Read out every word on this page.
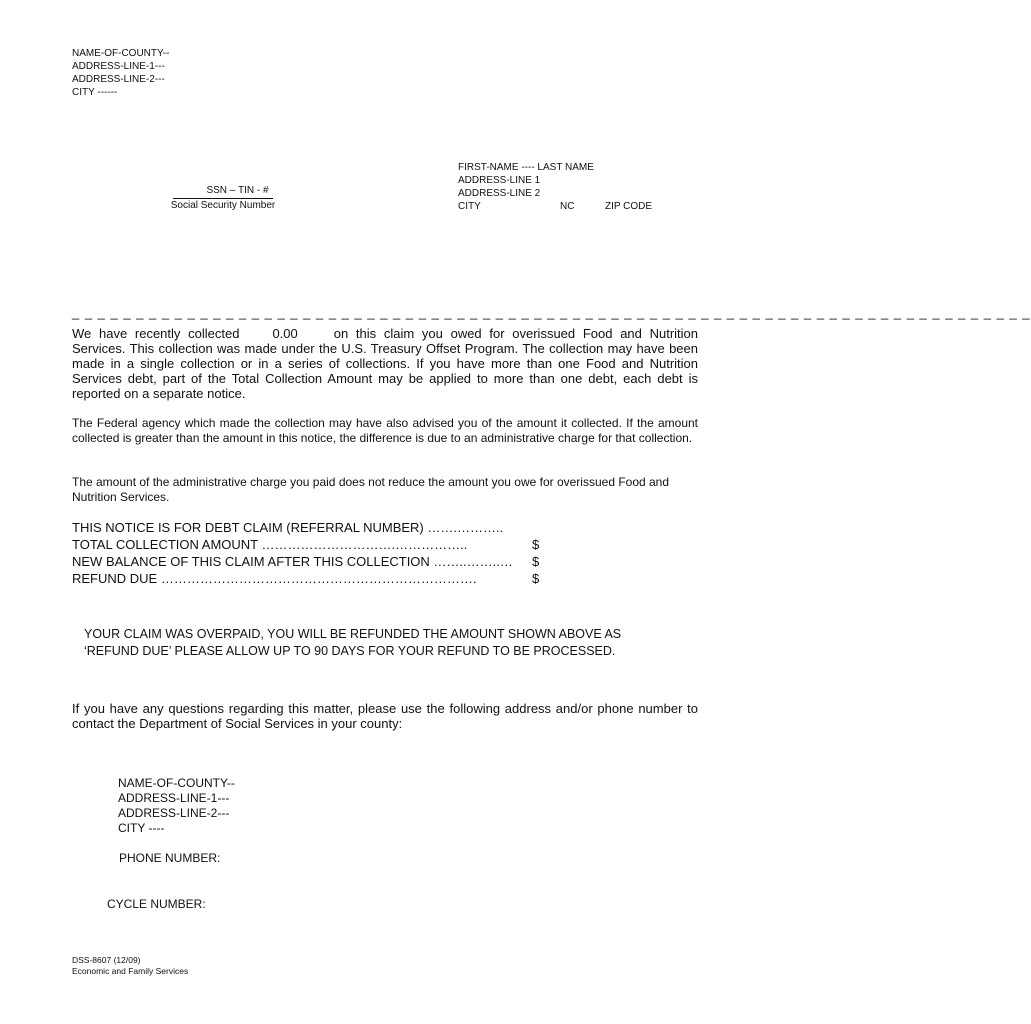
NAME-OF-COUNTY--
ADDRESS-LINE-1---
ADDRESS-LINE-2---
CITY ------
SSN – TIN - #
Social Security Number
FIRST-NAME ---- LAST NAME
ADDRESS-LINE 1
ADDRESS-LINE 2
CITY	NC	ZIP CODE
_ _ _ _ _ _ _ _ _ _ _ _ _ _ _ _ _ _ _ _ _ _ _ _ _ _ _ _ _ _ _ _ _ _ _ _ _ _ _ _ _ _ _ _ _ _ _ _ _ _ _ _ _ _ _ _ _ _ _ _ _ _ _ _ _ _ _ _ _ _ _ _ _ _ _
We have recently collected	0.00	on this claim you owed for overissued Food and Nutrition Services. This collection was made under the U.S. Treasury Offset Program. The collection may have been made in a single collection or in a series of collections. If you have more than one Food and Nutrition Services debt, part of the Total Collection Amount may be applied to more than one debt, each debt is reported on a separate notice.
The Federal agency which made the collection may have also advised you of the amount it collected. If the amount collected is greater than the amount in this notice, the difference is due to an administrative charge for that collection.
The amount of the administrative charge you paid does not reduce the amount you owe for overissued Food and Nutrition Services.
THIS NOTICE IS FOR DEBT CLAIM (REFERRAL NUMBER) …….………..
TOTAL COLLECTION AMOUNT ………………………….……………..	$
NEW BALANCE OF THIS CLAIM AFTER THIS COLLECTION ……..……..… $
REFUND DUE ……………………………………………………………….	$
YOUR CLAIM WAS OVERPAID, YOU WILL BE REFUNDED THE AMOUNT SHOWN ABOVE AS
‘REFUND DUE’ PLEASE ALLOW UP TO 90 DAYS FOR YOUR REFUND TO BE PROCESSED.
If you have any questions regarding this matter, please use the following address and/or phone number to contact the Department of Social Services in your county:
NAME-OF-COUNTY--
ADDRESS-LINE-1---
ADDRESS-LINE-2---
CITY ----
PHONE NUMBER:
CYCLE NUMBER:
DSS-8607 (12/09)
Economic and Family Services
